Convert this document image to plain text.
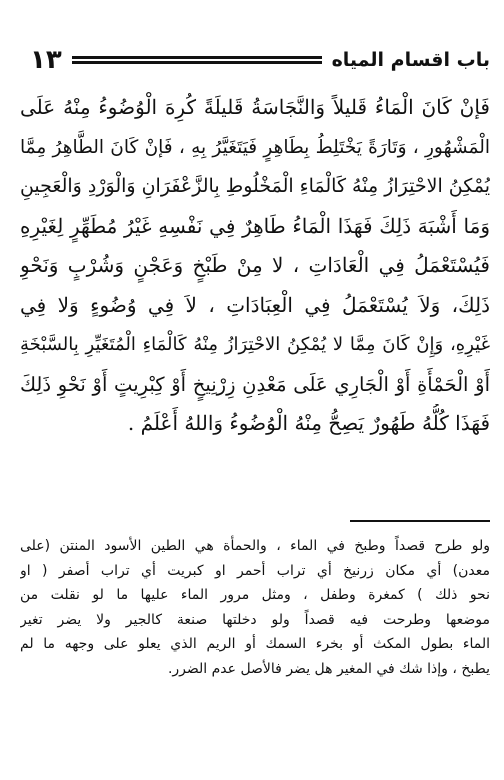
باب اقسام المياه
١٣
فَإنْ كَانَ الْمَاءُ قَليلاً وَالنَّجَاسَةُ قَليلَةً كُرِهَ الْوُضُوءُ مِنْهُ عَلَى
الْمَشْهُورِ ، وَتَارَةً يَخْتَلِطُ بِطَاهِرٍ فَيَتَغَيَّرُ بِهِ ، فَإنْ كَانَ الطَّاهِرُ مِمَّا
يُمْكِنُ الاحْتِرَازُ مِنْهُ كَالْمَاءِ الْمَخْلُوطِ بِالزَّعْفَرَانِ وَالْوَرْدِ وَالْعَجِينِ
وَمَا أَشْبَهَ ذَلِكَ فَهَذَا الْمَاءُ طَاهِرٌ فِي نَفْسِهِ غَيْرُ مُطَهِّرٍ لِغَيْرِهِ
فَيُسْتَعْمَلُ فِي الْعَادَاتِ ، لا مِنْ طَبْخٍ وَعَجْنٍ وَشُرْبٍ وَنَحْوِ
ذَلِكَ، وَلاَ يُسْتَعْمَلُ فِي الْعِبَادَاتِ ، لاَ فِي وُضُوءٍ وَلا فِي
غَيْرِهِ، وَإِنْ كَانَ مِمَّا لا يُمْكِنُ الاحْتِرَازُ مِنْهُ كَالْمَاءِ الْمُتَغَيِّرِ بِالسَّبْخَةِ
أَوْ الْحَمْأَةِ أَوْ الْجَارِي عَلَى مَعْدِنِ زِرْنِيخٍ أَوْ كِبْرِيتٍ أَوْ نَحْوِ ذَلِكَ
فَهَذَا كُلُّهُ طَهُورٌ يَصِحُّ مِنْهُ الْوُضُوءُ وَاللهُ أَعْلَمُ .
ولو طرح قصداً وطبخ في الماء ، والحمأة هي الطين الأسود المنتن (على
معدن) أي مكان زرنيخ أي تراب أحمر او كبريت أي تراب أصفر ( او
نحو ذلك ) كمغرة وطفل ، ومثل مرور الماء عليها ما لو نقلت من
موضعها وطرحت فيه قصداً ولو دخلتها صنعة كالجير ولا يضر تغير
الماء بطول المكث أو بخرء السمك أو الريم الذي يعلو على وجهه ما لم
يطبخ ، وإذا شك في المغير هل يضر فالأصل عدم الضرر.
